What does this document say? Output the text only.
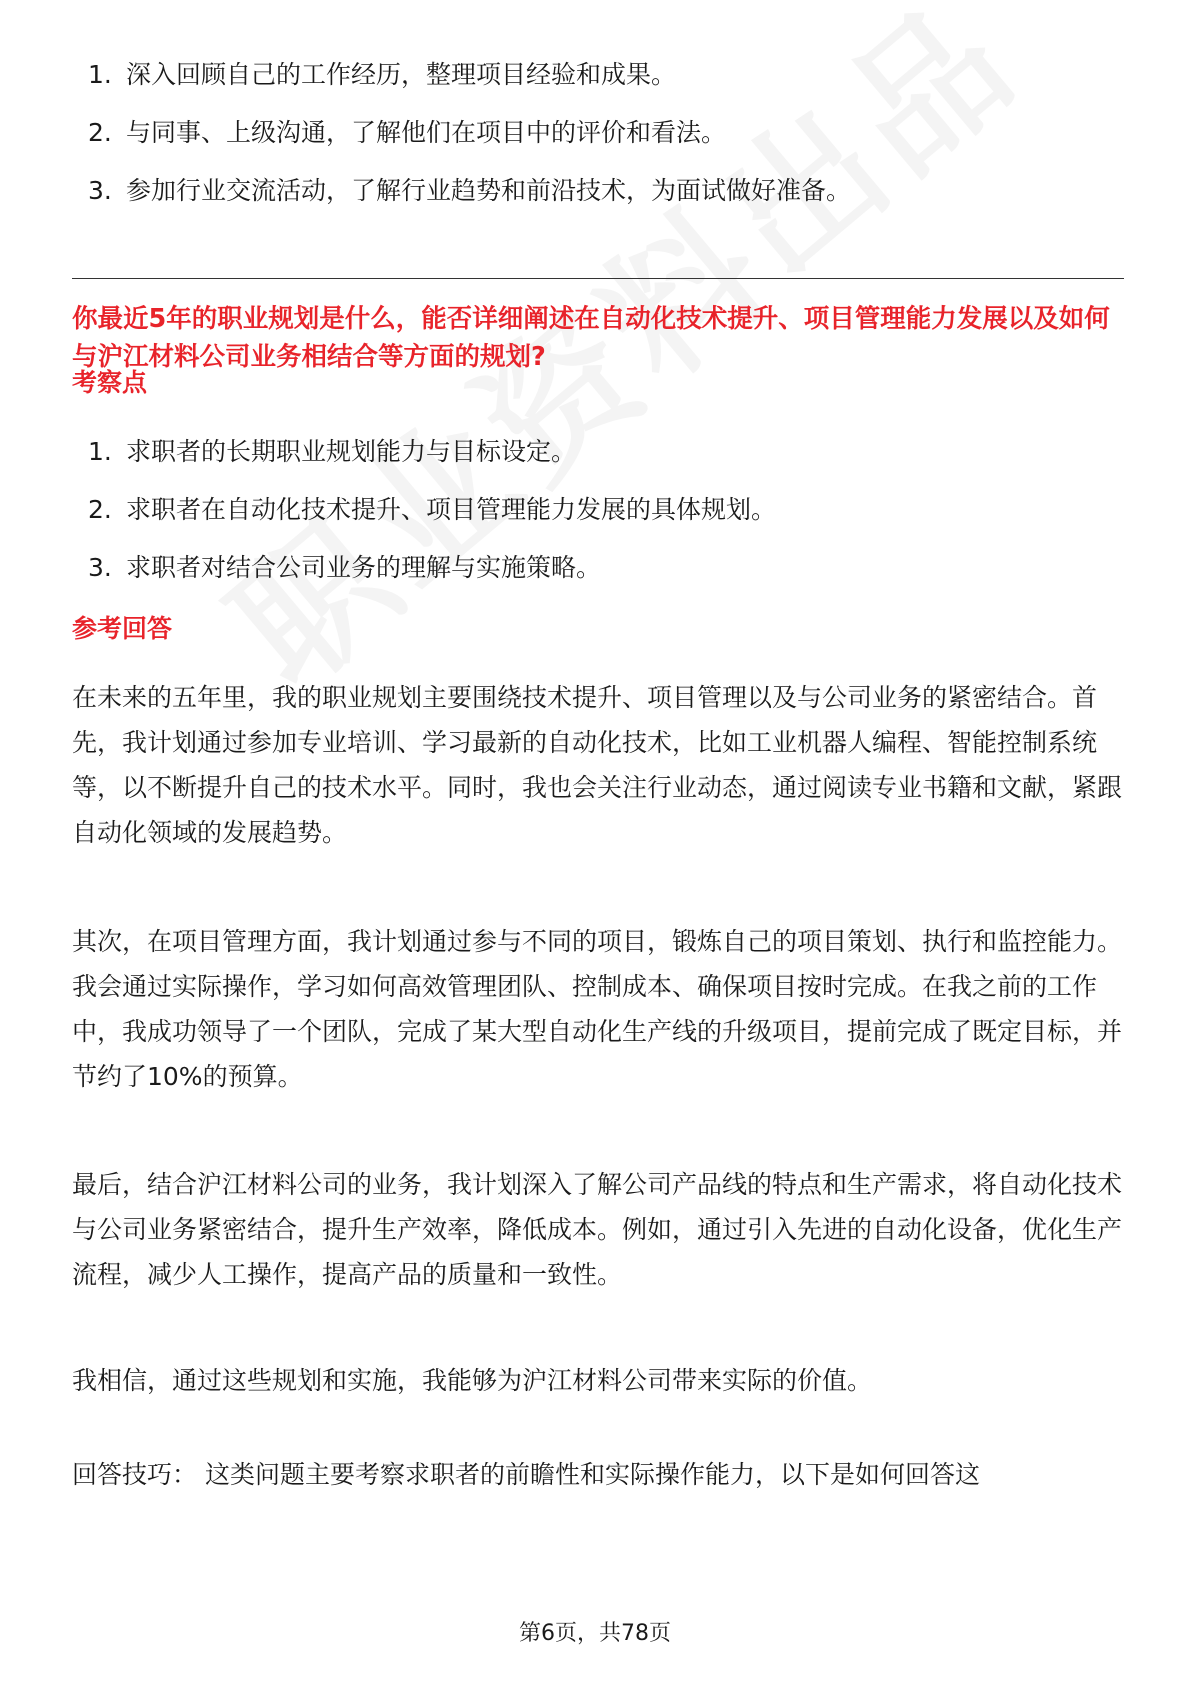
1. 深入回顾自己的工作经历，整理项目经验和成果。

2. 与同事、上级沟通，了解他们在项目中的评价和看法。

3. 参加行业交流活动，了解行业趋势和前沿技术，为面试做好准备。

你最近5年的职业规划是什么，能否详细阐述在自动化技术提升、项目管理能力发展以及如何与沪江材料公司业务相结合等方面的规划?
考察点

1. 求职者的长期职业规划能力与目标设定。

2. 求职者在自动化技术提升、项目管理能力发展的具体规划。

3. 求职者对结合公司业务的理解与实施策略。

参考回答

在未来的五年里，我的职业规划主要围绕技术提升、项目管理以及与公司业务的紧密结合。首先，我计划通过参加专业培训、学习最新的自动化技术，比如工业机器人编程、智能控制系统等，以不断提升自己的技术水平。同时，我也会关注行业动态，通过阅读专业书籍和文献，紧跟自动化领域的发展趋势。

其次，在项目管理方面，我计划通过参与不同的项目，锻炼自己的项目策划、执行和监控能力。我会通过实际操作，学习如何高效管理团队、控制成本、确保项目按时完成。在我之前的工作中，我成功领导了一个团队，完成了某大型自动化生产线的升级项目，提前完成了既定目标，并节约了10%的预算。

最后，结合沪江材料公司的业务，我计划深入了解公司产品线的特点和生产需求，将自动化技术与公司业务紧密结合，提升生产效率，降低成本。例如，通过引入先进的自动化设备，优化生产流程，减少人工操作，提高产品的质量和一致性。

我相信，通过这些规划和实施，我能够为沪江材料公司带来实际的价值。

回答技巧： 这类问题主要考察求职者的前瞻性和实际操作能力，以下是如何回答这

第6页，共78页
